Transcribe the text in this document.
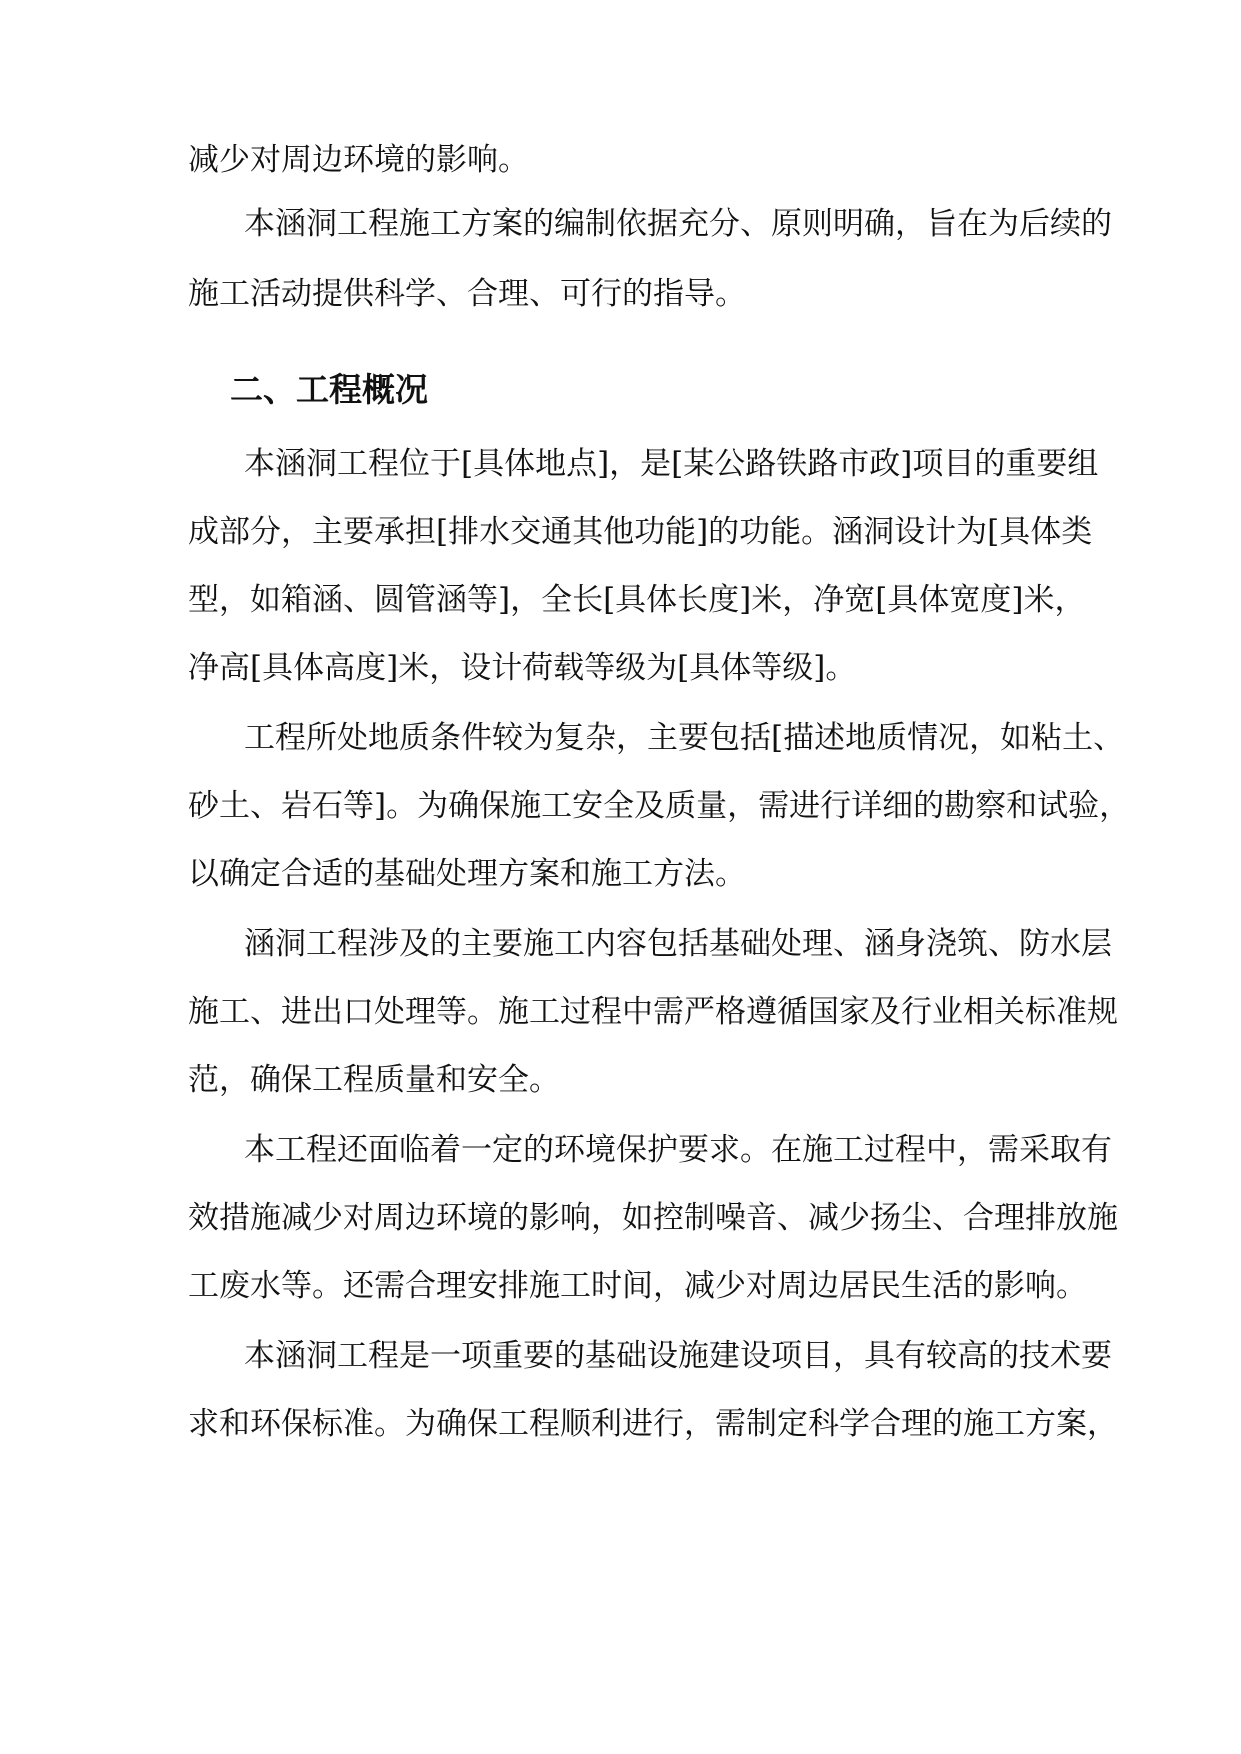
减少对周边环境的影响。
本涵洞工程施工方案的编制依据充分、原则明确，旨在为后续的
施工活动提供科学、合理、可行的指导。
二、工程概况
本涵洞工程位于[具体地点]，是[某公路铁路市政]项目的重要组
成部分，主要承担[排水交通其他功能]的功能。涵洞设计为[具体类
型，如箱涵、圆管涵等]，全长[具体长度]米，净宽[具体宽度]米，
净高[具体高度]米，设计荷载等级为[具体等级]。
工程所处地质条件较为复杂，主要包括[描述地质情况，如粘土、
砂土、岩石等]。为确保施工安全及质量，需进行详细的勘察和试验，
以确定合适的基础处理方案和施工方法。
涵洞工程涉及的主要施工内容包括基础处理、涵身浇筑、防水层
施工、进出口处理等。施工过程中需严格遵循国家及行业相关标准规
范，确保工程质量和安全。
本工程还面临着一定的环境保护要求。在施工过程中，需采取有
效措施减少对周边环境的影响，如控制噪音、减少扬尘、合理排放施
工废水等。还需合理安排施工时间，减少对周边居民生活的影响。
本涵洞工程是一项重要的基础设施建设项目，具有较高的技术要
求和环保标准。为确保工程顺利进行，需制定科学合理的施工方案，
